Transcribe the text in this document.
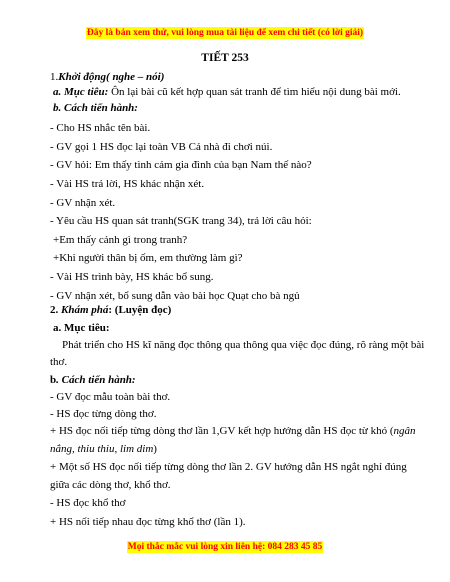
Đây là bản xem thử, vui lòng mua tài liệu để xem chi tiết (có lời giải)
TIẾT 253
1.Khởi động( nghe – nói)
a. Mục tiêu: Ôn lại bài cũ kết hợp quan sát tranh để tìm hiểu nội dung bài mới.
b. Cách tiến hành:
- Cho HS nhắc tên bài.
- GV gọi 1 HS đọc lại toàn VB Cả nhà đi chơi núi.
- GV hỏi: Em thấy tình cảm gia đình của bạn Nam thế nào?
- Vài HS trả lời, HS khác nhận xét.
- GV nhận xét.
- Yêu cầu HS quan sát tranh(SGK trang 34), trả lời câu hỏi:
+Em thấy cảnh gì trong tranh?
+Khi người thân bị ốm, em thường làm gì?
- Vài HS trình bày, HS khác bổ sung.
- GV nhận xét, bổ sung dẫn vào bài học Quạt cho bà ngủ
2. Khám phá: (Luyện đọc)
a. Mục tiêu:
Phát triển cho HS kĩ năng đọc thông qua thông qua việc đọc đúng, rõ ràng một bài
thơ.
b. Cách tiến hành:
- GV đọc mẫu toàn bài thơ.
- HS đọc từng dòng thơ.
+ HS đọc nối tiếp từng dòng thơ lần 1,GV kết hợp hướng dẫn HS đọc từ khó (ngân
nắng, thiu thiu, lim dim)
+ Một số HS đọc nối tiếp từng dòng thơ lần 2. GV hướng dẫn HS ngắt nghỉ đúng
giữa các dòng thơ, khổ thơ.
- HS đọc khổ thơ
Mọi thắc mắc vui lòng xin liên hệ: 084 283 45 85
+ HS nối tiếp nhau đọc từng khổ thơ (lần 1).
